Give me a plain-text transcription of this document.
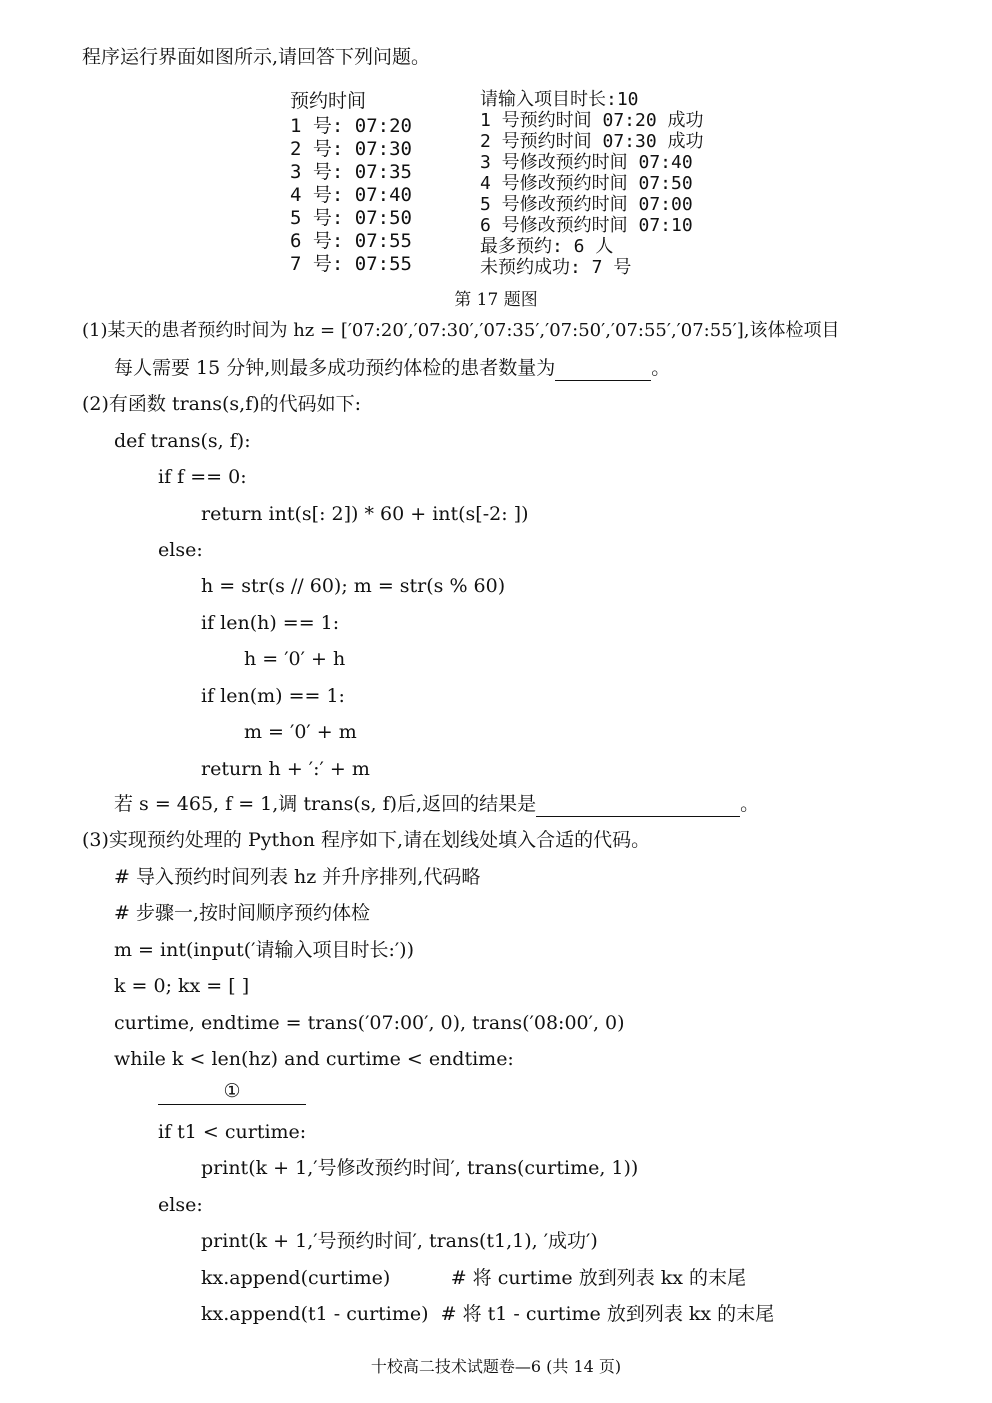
程序运行界面如图所示,请回答下列问题。
预约时间
1 号: 07:20
2 号: 07:30
3 号: 07:35
4 号: 07:40
5 号: 07:50
6 号: 07:55
7 号: 07:55
请输入项目时长:10
1 号预约时间 07:20 成功
2 号预约时间 07:30 成功
3 号修改预约时间 07:40
4 号修改预约时间 07:50
5 号修改预约时间 07:00
6 号修改预约时间 07:10
最多预约: 6 人
未预约成功: 7 号
第 17 题图
(1)某天的患者预约时间为 hz = [′07:20′,′07:30′,′07:35′,′07:50′,′07:55′,′07:55′],该体检项目
每人需要 15 分钟,则最多成功预约体检的患者数量为	。
(2)有函数 trans(s,f)的代码如下:
def trans(s, f):
if f == 0:
return int(s[: 2]) * 60 + int(s[-2: ])
else:
h = str(s // 60); m = str(s % 60)
if len(h) == 1:
h = ′0′ + h
if len(m) == 1:
m = ′0′ + m
return h + ′:′ + m
若 s = 465, f = 1,调 trans(s, f)后,返回的结果是	。
(3)实现预约处理的 Python 程序如下,请在划线处填入合适的代码。
# 导入预约时间列表 hz 并升序排列,代码略
# 步骤一,按时间顺序预约体检
m = int(input(′请输入项目时长:′))
k = 0; kx = [ ]
curtime, endtime = trans(′07:00′, 0), trans(′08:00′, 0)
while k < len(hz) and curtime < endtime:
①
if t1 < curtime:
print(k + 1,′号修改预约时间′, trans(curtime, 1))
else:
print(k + 1,′号预约时间′, trans(t1,1), ′成功′)
kx.append(curtime)          # 将 curtime 放到列表 kx 的末尾
kx.append(t1 - curtime)  # 将 t1 - curtime 放到列表 kx 的末尾
十校高二技术试题卷—6 (共 14 页)
